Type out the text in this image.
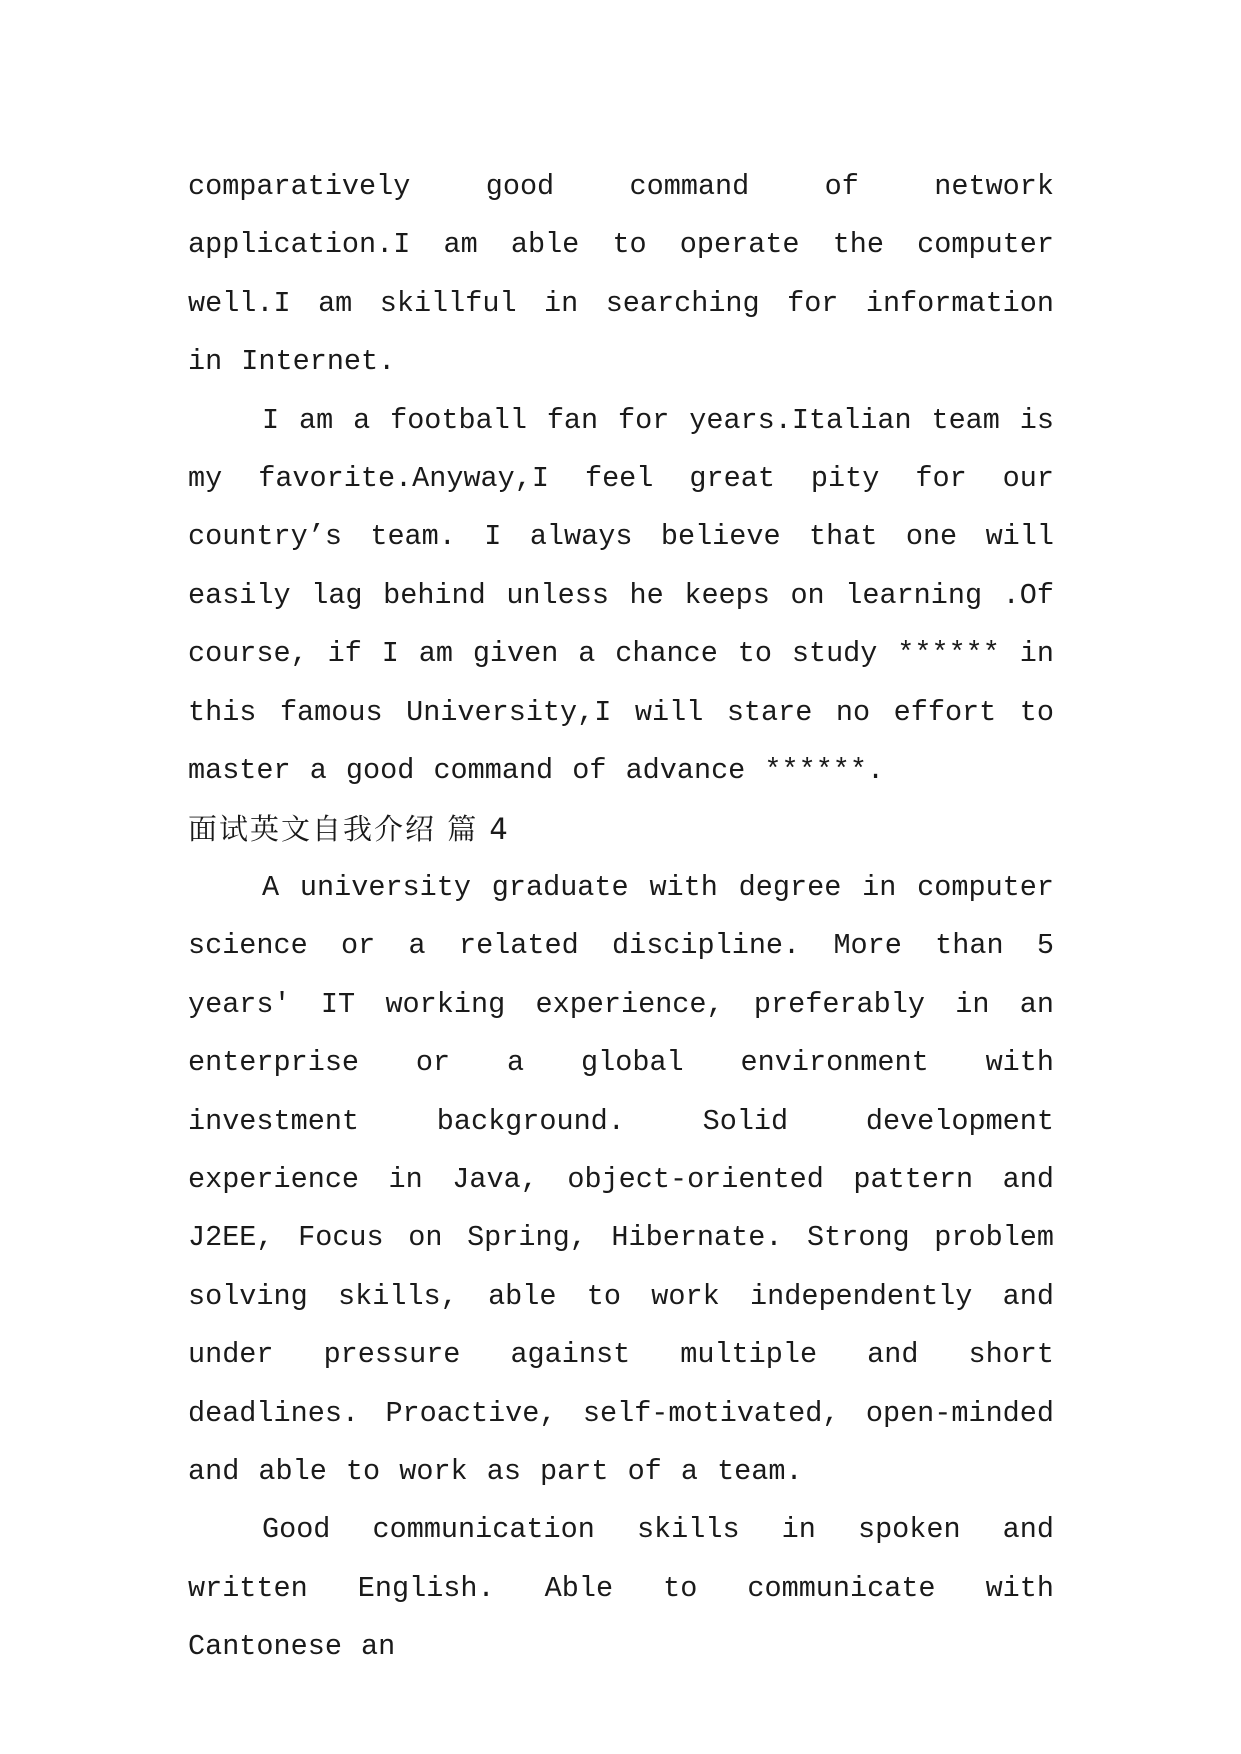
comparatively good command of network application.I am able to operate the computer well.I am skillful in searching for information in Internet.

I am a football fan for years.Italian team is my favorite.Anyway,I feel great pity for our country’s team. I always believe that one will easily lag behind unless he keeps on learning .Of course, if I am given a chance to study ****** in this famous University,I will stare no effort to master a good command of advance ******.

面试英文自我介绍 篇 4

A university graduate with degree in computer science or a related discipline. More than 5 years' IT working experience, preferably in an enterprise or a global environment with investment background. Solid development experience in Java, object-oriented pattern and J2EE, Focus on Spring, Hibernate. Strong problem solving skills, able to work independently and under pressure against multiple and short deadlines. Proactive, self-motivated, open-minded and able to work as part of a team.

Good communication skills in spoken and written English. Able to communicate with Cantonese an
